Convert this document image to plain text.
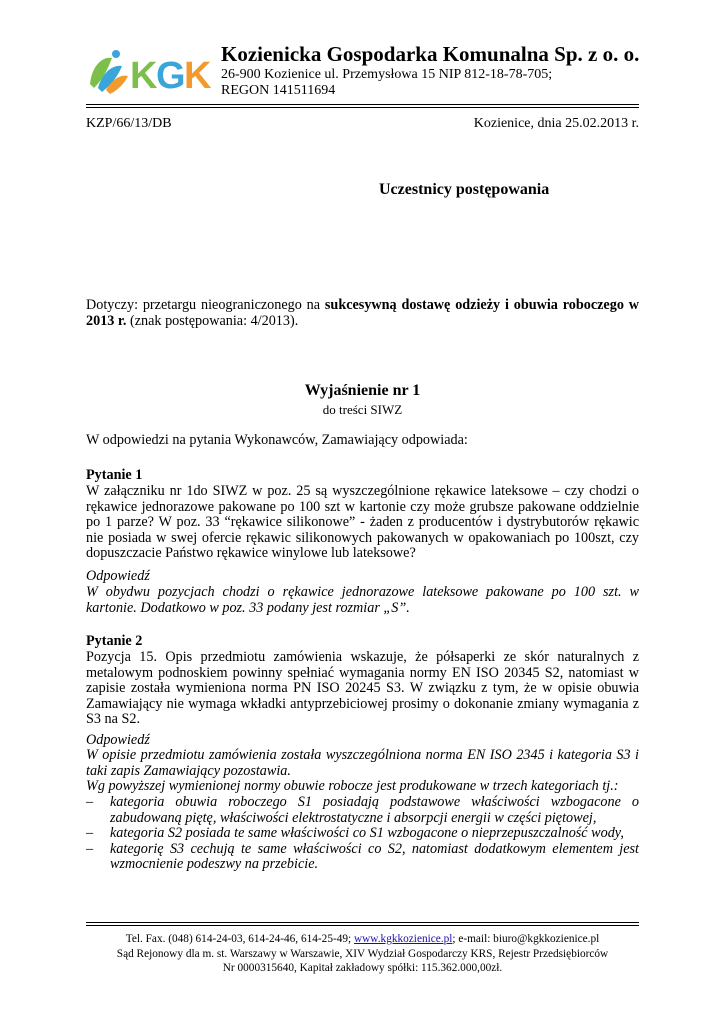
K
G
K
Kozienicka Gospodarka Komunalna Sp. z o. o.
26-900 Kozienice ul. Przemysłowa 15 NIP 812-18-78-705;
REGON 141511694
KZP/66/13/DB	Kozienice, dnia 25.02.2013 r.
Uczestnicy postępowania
Dotyczy: przetargu nieograniczonego na sukcesywną dostawę odzieży i obuwia roboczego w 2013 r. (znak postępowania: 4/2013).
Wyjaśnienie nr 1
do treści SIWZ
W odpowiedzi na pytania Wykonawców, Zamawiający odpowiada:
Pytanie 1
W załączniku nr 1do SIWZ w poz. 25 są wyszczególnione rękawice lateksowe – czy chodzi o rękawice jednorazowe pakowane po 100 szt w kartonie czy może grubsze pakowane oddzielnie po 1 parze? W poz. 33 “rękawice silikonowe” - żaden z producentów i dystrybutorów rękawic nie posiada w swej ofercie rękawic silikonowych pakowanych w opakowaniach po 100szt, czy dopuszczacie Państwo rękawice winylowe lub lateksowe?
Odpowiedź
W obydwu pozycjach chodzi o rękawice jednorazowe lateksowe pakowane po 100 szt. w kartonie. Dodatkowo w poz. 33 podany jest rozmiar „S”.
Pytanie 2
Pozycja 15. Opis przedmiotu zamówienia wskazuje, że półsaperki ze skór naturalnych z metalowym podnoskiem powinny spełniać wymagania normy EN ISO 20345 S2, natomiast w zapisie została wymieniona norma PN ISO 20245 S3. W związku z tym, że w opisie obuwia Zamawiający nie wymaga wkładki antyprzebiciowej prosimy o dokonanie zmiany wymagania z S3 na S2.
Odpowiedź
W opisie przedmiotu zamówienia została wyszczególniona norma EN ISO 2345 i kategoria S3 i taki zapis Zamawiający pozostawia.
Wg powyższej wymienionej normy obuwie robocze jest produkowane w trzech kategoriach tj.:
– kategoria obuwia roboczego S1 posiadają podstawowe właściwości wzbogacone o zabudowaną piętę, właściwości elektrostatyczne i absorpcji energii w części piętowej,
– kategoria S2 posiada te same właściwości co S1 wzbogacone o nieprzepuszczalność wody,
– kategorię S3 cechują te same właściwości co S2, natomiast dodatkowym elementem jest wzmocnienie podeszwy na przebicie.
Tel. Fax. (048) 614-24-03, 614-24-46, 614-25-49; www.kgkkozienice.pl; e-mail: biuro@kgkkozienice.pl
Sąd Rejonowy dla m. st. Warszawy w Warszawie, XIV Wydział Gospodarczy KRS, Rejestr Przedsiębiorców
Nr 0000315640, Kapitał zakładowy spółki: 115.362.000,00zł.
